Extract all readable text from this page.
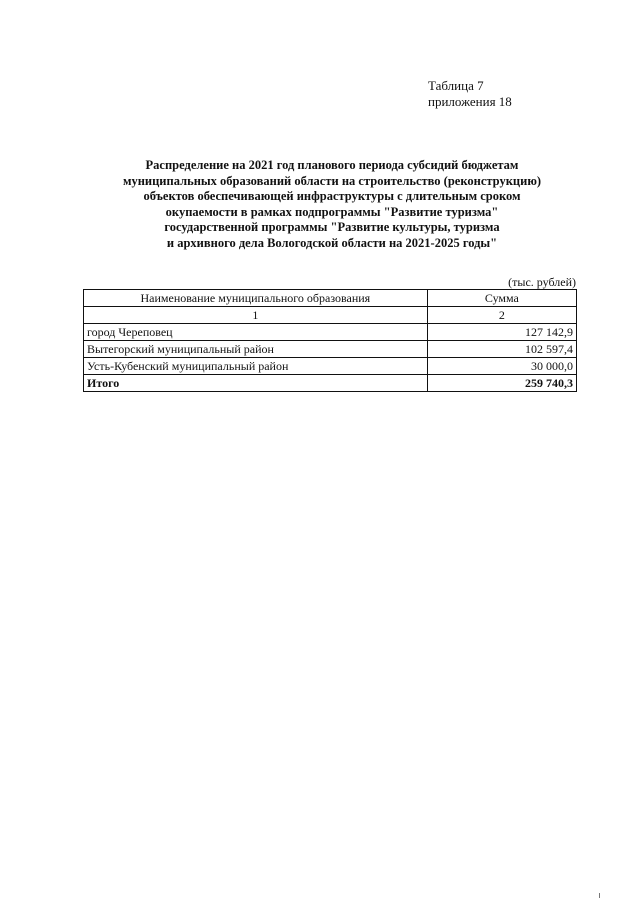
Таблица 7
приложения 18
Распределение на 2021 год планового периода субсидий бюджетам
муниципальных образований области на строительство (реконструкцию)
объектов обеспечивающей инфраструктуры с длительным сроком
окупаемости в рамках подпрограммы "Развитие туризма"
государственной программы "Развитие культуры, туризма
и архивного дела Вологодской области на 2021-2025 годы"
(тыс. рублей)
Наименование муниципального образования	Сумма
1	2
город Череповец	127 142,9
Вытегорский муниципальный район	102 597,4
Усть-Кубенский муниципальный район	30 000,0
Итого	259 740,3
